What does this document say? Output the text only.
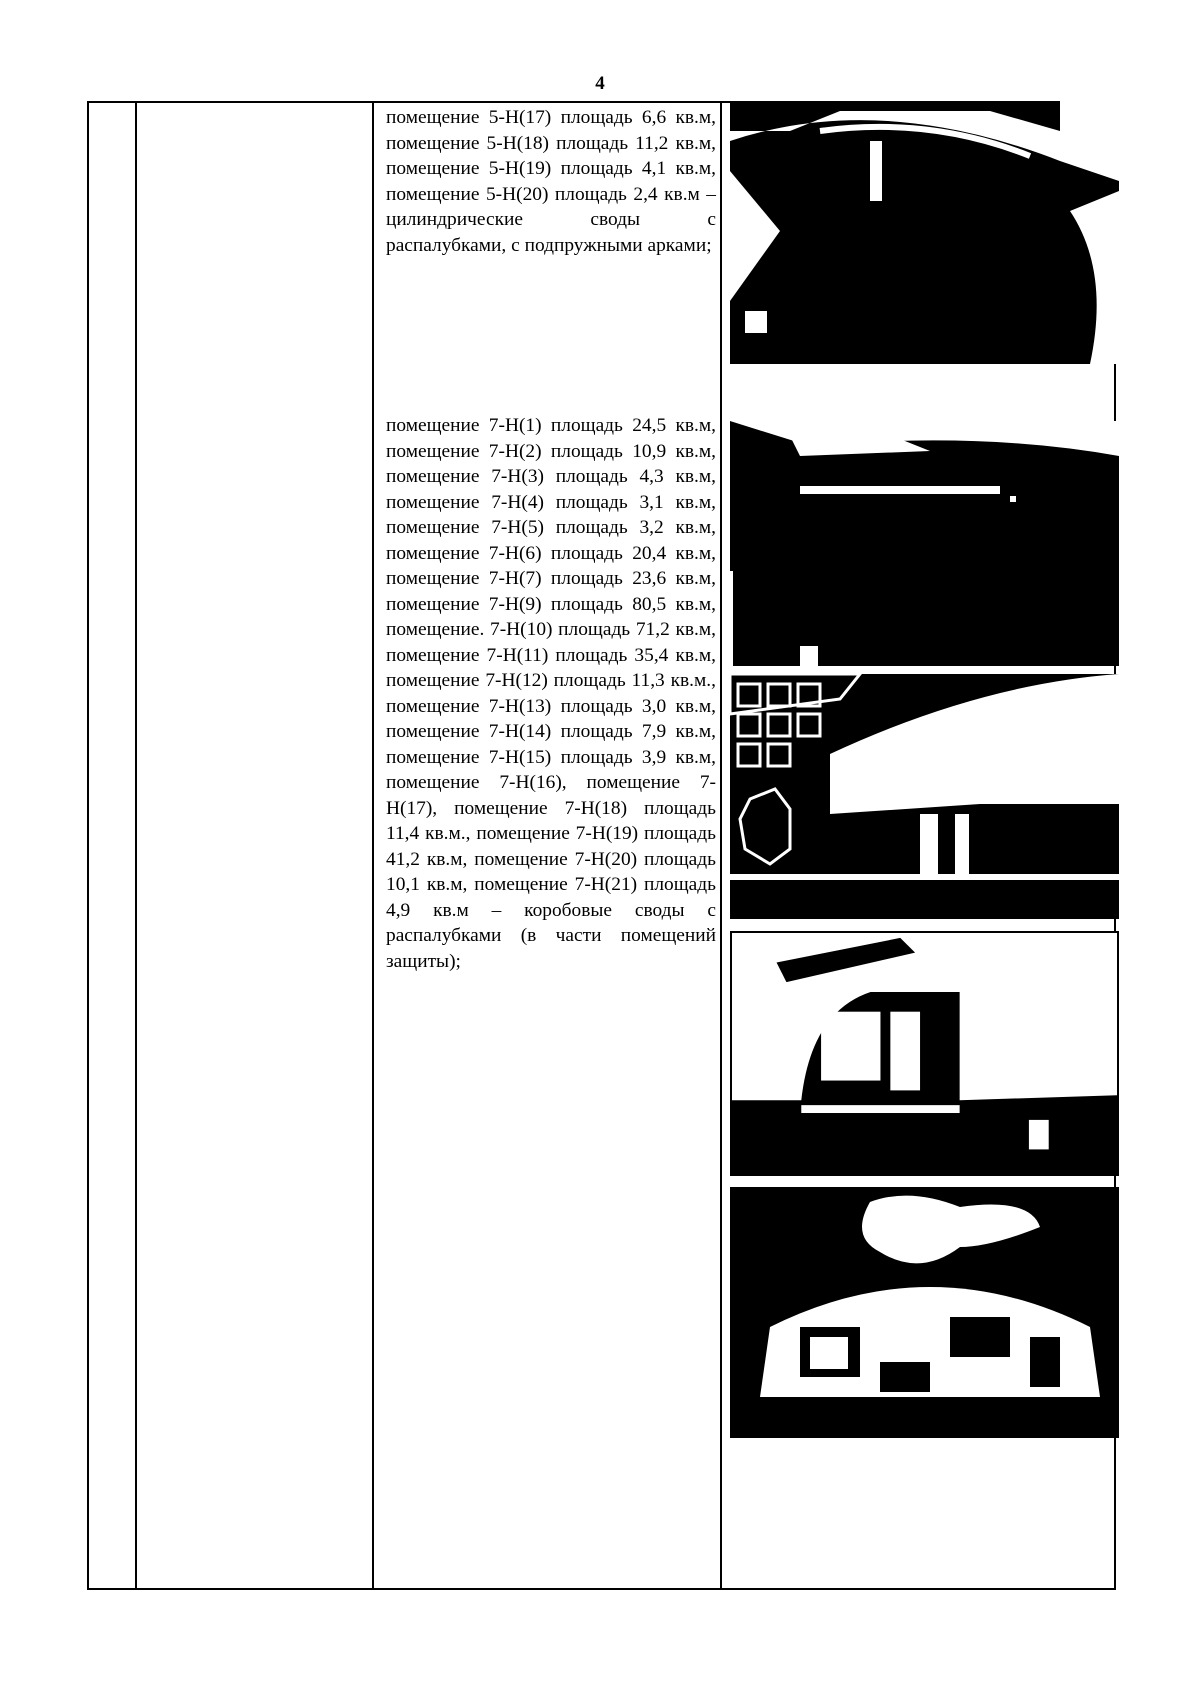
4
помещение 5-Н(17) площадь 6,6 кв.м, помещение 5-Н(18) площадь 11,2 кв.м, помещение 5-Н(19) площадь 4,1 кв.м, помещение 5-Н(20) площадь 2,4 кв.м – цилиндрические своды с распалубками, с подпружными арками;
помещение 7-Н(1) площадь 24,5 кв.м, помещение 7-Н(2) площадь 10,9 кв.м, помещение 7-Н(3) площадь 4,3 кв.м, помещение 7-Н(4) площадь 3,1 кв.м, помещение 7-Н(5) площадь 3,2 кв.м, помещение 7-Н(6) площадь 20,4 кв.м, помещение 7-Н(7) площадь 23,6 кв.м, помещение 7-Н(9) площадь 80,5 кв.м, помещение. 7-Н(10) площадь 71,2 кв.м, помещение 7-Н(11) площадь 35,4 кв.м, помещение 7-Н(12) площадь 11,3 кв.м., помещение 7-Н(13) площадь 3,0 кв.м, помещение 7-Н(14) площадь 7,9 кв.м, помещение 7-Н(15) площадь 3,9 кв.м, помещение 7-Н(16), помещение 7-Н(17), помещение 7-Н(18) площадь 11,4 кв.м., помещение 7-Н(19) площадь 41,2 кв.м, помещение 7-Н(20) площадь 10,1 кв.м, помещение 7-Н(21) площадь 4,9 кв.м – коробовые своды с распалубками (в части помещений защиты);
